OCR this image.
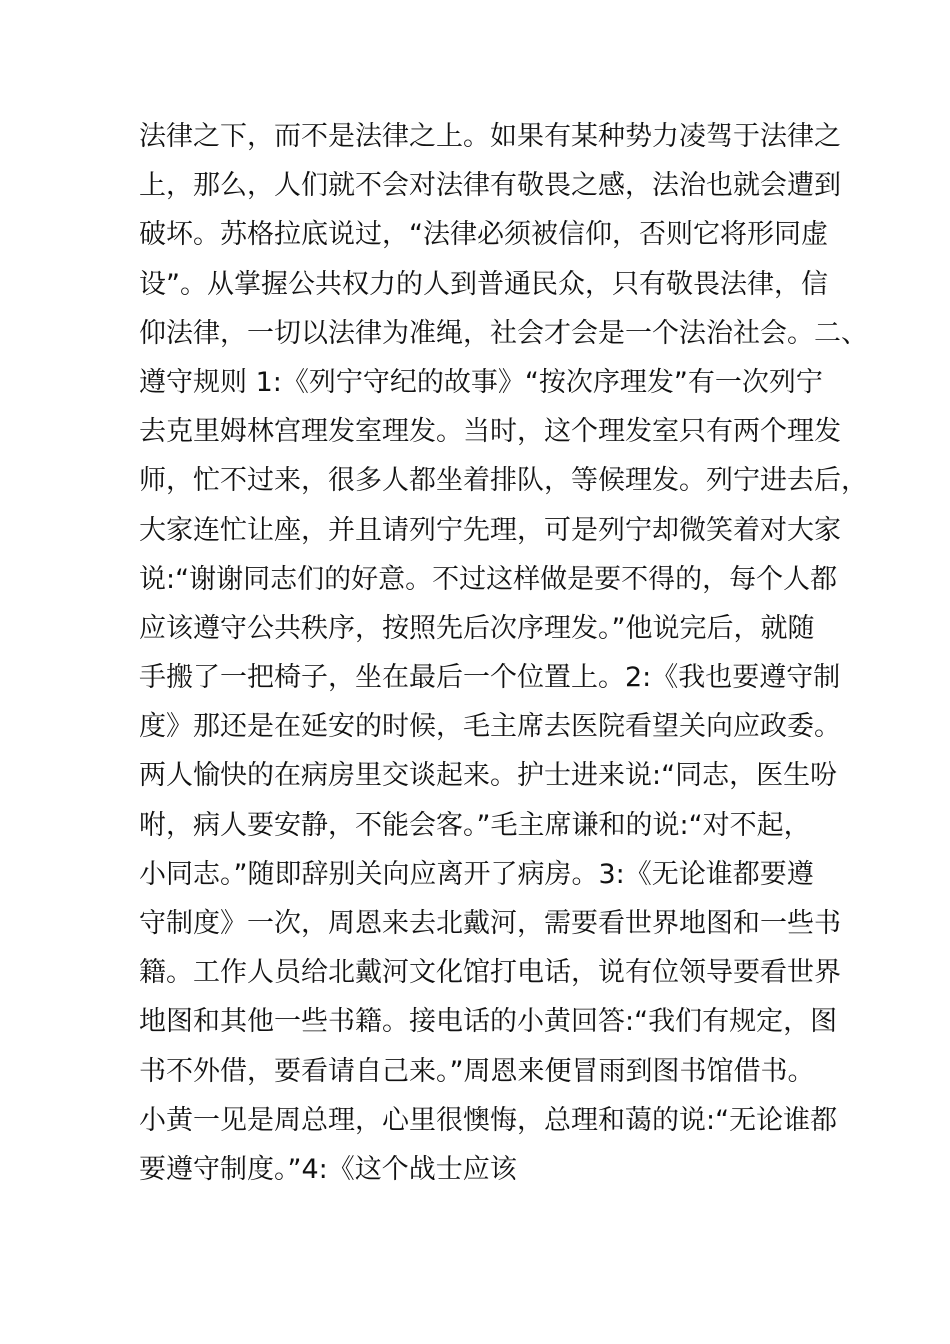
法律之下，而不是法律之上。如果有某种势力凌驾于法律之
上，那么，人们就不会对法律有敬畏之感，法治也就会遭到
破坏。苏格拉底说过，“法律必须被信仰，否则它将形同虚
设”。从掌握公共权力的人到普通民众，只有敬畏法律，信
仰法律，一切以法律为准绳，社会才会是一个法治社会。二、
遵守规则 1:《列宁守纪的故事》“按次序理发”有一次列宁
去克里姆林宫理发室理发。当时，这个理发室只有两个理发
师，忙不过来，很多人都坐着排队，等候理发。列宁进去后，
大家连忙让座，并且请列宁先理，可是列宁却微笑着对大家
说:“谢谢同志们的好意。不过这样做是要不得的，每个人都
应该遵守公共秩序，按照先后次序理发。”他说完后，就随
手搬了一把椅子，坐在最后一个位置上。2:《我也要遵守制
度》那还是在延安的时候，毛主席去医院看望关向应政委。
两人愉快的在病房里交谈起来。护士进来说:“同志，医生吩
咐，病人要安静，不能会客。”毛主席谦和的说:“对不起，
小同志。”随即辞别关向应离开了病房。3:《无论谁都要遵
守制度》一次，周恩来去北戴河，需要看世界地图和一些书
籍。工作人员给北戴河文化馆打电话，说有位领导要看世界
地图和其他一些书籍。接电话的小黄回答:“我们有规定，图
书不外借，要看请自己来。”周恩来便冒雨到图书馆借书。
小黄一见是周总理，心里很懊悔，总理和蔼的说:“无论谁都
要遵守制度。”4:《这个战士应该
